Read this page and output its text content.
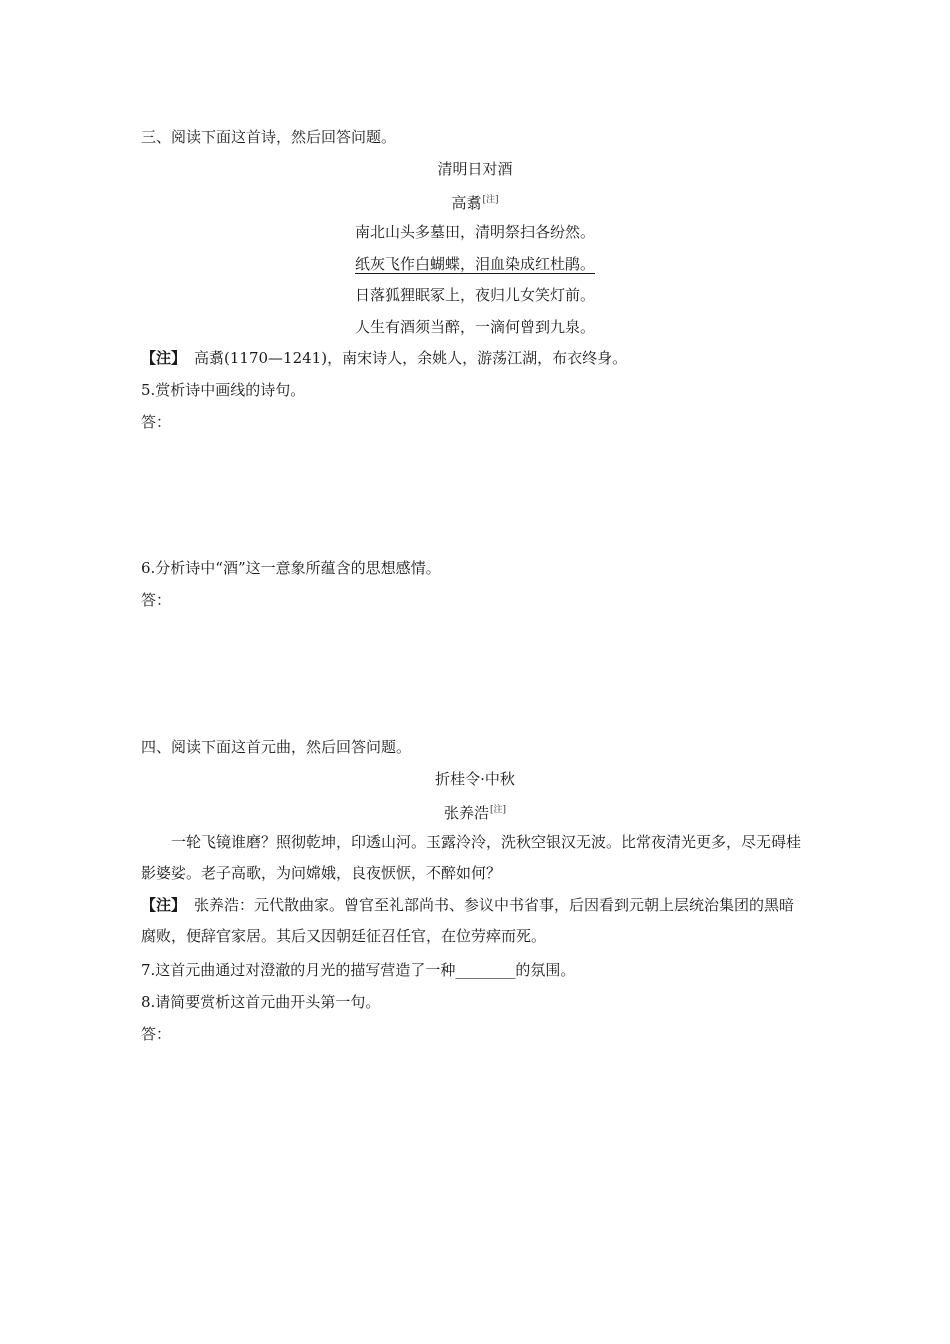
三、阅读下面这首诗，然后回答问题。
清明日对酒
高翥[注]
南北山头多墓田，清明祭扫各纷然。
纸灰飞作白蝴蝶，泪血染成红杜鹃。
日落狐狸眠冢上，夜归儿女笑灯前。
人生有酒须当醉，一滴何曾到九泉。
【注】 高翥(1170—1241)，南宋诗人，余姚人，游荡江湖，布衣终身。
5.赏析诗中画线的诗句。
答：
6.分析诗中“酒”这一意象所蕴含的思想感情。
答：
四、阅读下面这首元曲，然后回答问题。
折桂令·中秋
张养浩[注]
一轮飞镜谁磨？照彻乾坤，印透山河。玉露泠泠，洗秋空银汉无波。比常夜清光更多，尽无碍桂影婆娑。老子高歌，为问嫦娥，良夜恹恹，不醉如何？
【注】 张养浩：元代散曲家。曾官至礼部尚书、参议中书省事，后因看到元朝上层统治集团的黑暗腐败，便辞官家居。其后又因朝廷征召任官，在位劳瘁而死。
7.这首元曲通过对澄澈的月光的描写营造了一种________的氛围。
8.请简要赏析这首元曲开头第一句。
答：
